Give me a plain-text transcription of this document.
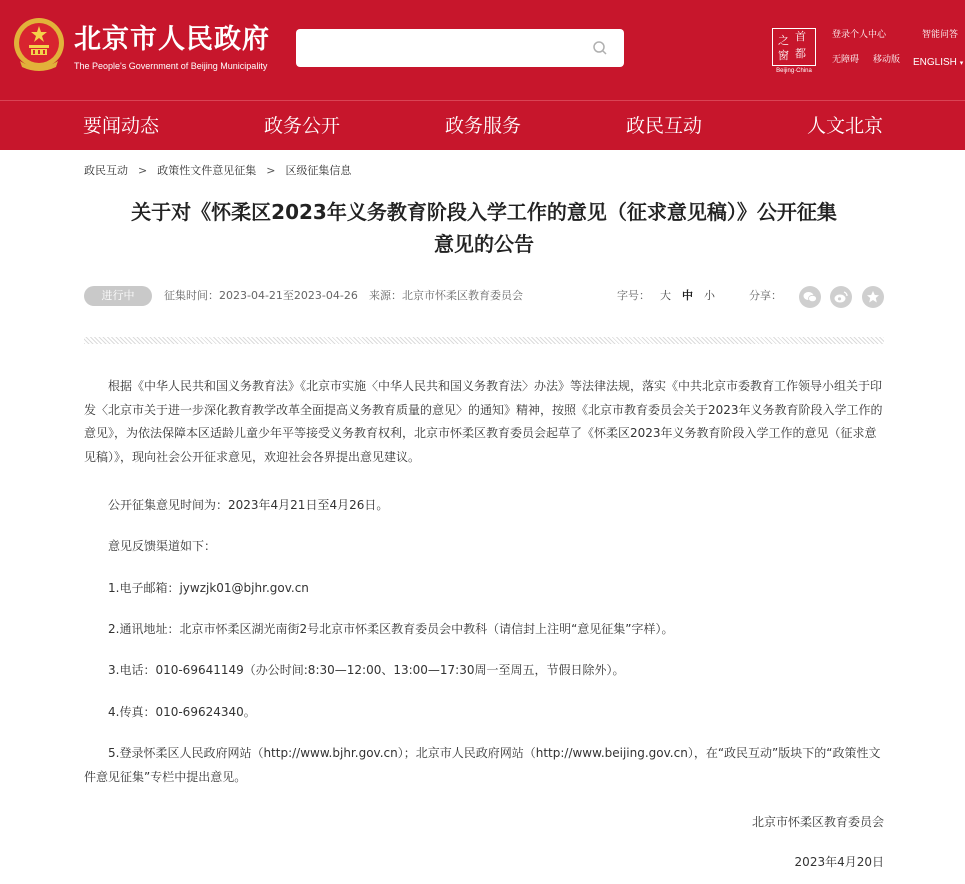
北京市人民政府
The People's Government of Beijing Municipality
首
都
之
窗
Beijing·China
登录个人中心	智能问答
无障碍 移动版 ENGLISH ▾
要闻动态	政务公开	政务服务	政民互动	人文北京
政民互动 > 政策性文件意见征集 > 区级征集信息
关于对《怀柔区2023年义务教育阶段入学工作的意见（征求意见稿）》公开征集
意见的公告
进行中	征集时间：2023-04-21至2023-04-26 来源：北京市怀柔区教育委员会	字号： 大 中 小	分享：
根据《中华人民共和国义务教育法》《北京市实施〈中华人民共和国义务教育法〉办法》等法律法规，落实《中共北京市委教育工作领导小组关于印发〈北京市关于进一步深化教育教学改革全面提高义务教育质量的意见〉的通知》精神，按照《北京市教育委员会关于2023年义务教育阶段入学工作的意见》，为依法保障本区适龄儿童少年平等接受义务教育权利，北京市怀柔区教育委员会起草了《怀柔区2023年义务教育阶段入学工作的意见（征求意见稿）》，现向社会公开征求意见，欢迎社会各界提出意见建议。
公开征集意见时间为：2023年4月21日至4月26日。
意见反馈渠道如下：
1.电子邮箱：jywzjk01@bjhr.gov.cn
2.通讯地址：北京市怀柔区湖光南街2号北京市怀柔区教育委员会中教科（请信封上注明“意见征集”字样）。
3.电话：010-69641149（办公时间:8:30—12:00、13:00—17:30周一至周五，节假日除外）。
4.传真：010-69624340。
5.登录怀柔区人民政府网站（http://www.bjhr.gov.cn）；北京市人民政府网站（http://www.beijing.gov.cn），在“政民互动”版块下的“政策性文件意见征集”专栏中提出意见。
北京市怀柔区教育委员会
2023年4月20日
